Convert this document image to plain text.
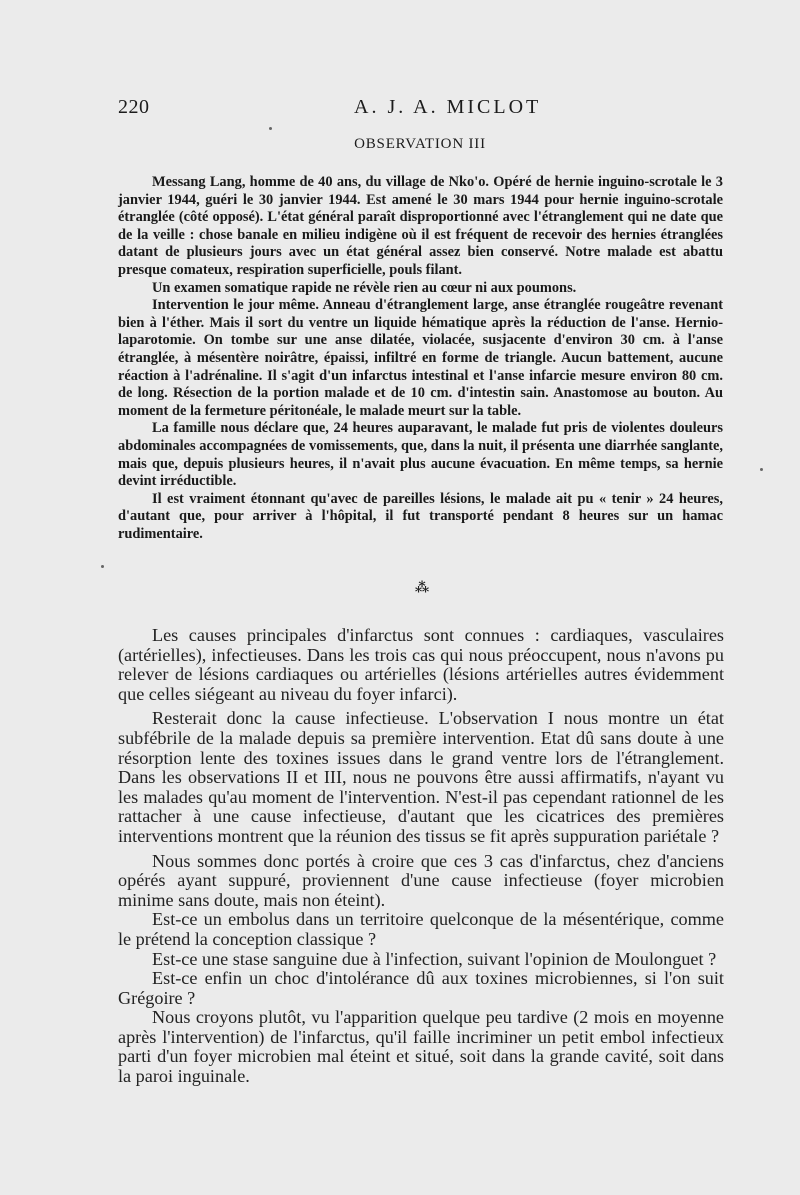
220	A. J. A. MICLOT
OBSERVATION III

Messang Lang, homme de 40 ans, du village de Nko'o. Opéré de hernie inguino-scrotale le 3 janvier 1944, guéri le 30 janvier 1944. Est amené le 30 mars 1944 pour hernie inguino-scrotale étranglée (côté opposé). L'état général paraît disproportionné avec l'étranglement qui ne date que de la veille : chose banale en milieu indigène où il est fréquent de recevoir des hernies étranglées datant de plusieurs jours avec un état général assez bien conservé. Notre malade est abattu presque comateux, respiration superficielle, pouls filant.

Un examen somatique rapide ne révèle rien au cœur ni aux poumons.

Intervention le jour même. Anneau d'étranglement large, anse étranglée rougeâtre revenant bien à l'éther. Mais il sort du ventre un liquide hématique après la réduction de l'anse. Hernio-laparotomie. On tombe sur une anse dilatée, violacée, susjacente d'environ 30 cm. à l'anse étranglée, à mésentère noirâtre, épaissi, infiltré en forme de triangle. Aucun battement, aucune réaction à l'adrénaline. Il s'agit d'un infarctus intestinal et l'anse infarcie mesure environ 80 cm. de long. Résection de la portion malade et de 10 cm. d'intestin sain. Anastomose au bouton. Au moment de la fermeture péritonéale, le malade meurt sur la table.

La famille nous déclare que, 24 heures auparavant, le malade fut pris de violentes douleurs abdominales accompagnées de vomissements, que, dans la nuit, il présenta une diarrhée sanglante, mais que, depuis plusieurs heures, il n'avait plus aucune évacuation. En même temps, sa hernie devint irréductible.

Il est vraiment étonnant qu'avec de pareilles lésions, le malade ait pu « tenir » 24 heures, d'autant que, pour arriver à l'hôpital, il fut transporté pendant 8 heures sur un hamac rudimentaire.

⁂

Les causes principales d'infarctus sont connues : cardiaques, vasculaires (artérielles), infectieuses. Dans les trois cas qui nous préoccupent, nous n'avons pu relever de lésions cardiaques ou artérielles (lésions artérielles autres évidemment que celles siégeant au niveau du foyer infarci).

Resterait donc la cause infectieuse. L'observation I nous montre un état subfébrile de la malade depuis sa première intervention. Etat dû sans doute à une résorption lente des toxines issues dans le grand ventre lors de l'étranglement. Dans les observations II et III, nous ne pouvons être aussi affirmatifs, n'ayant vu les malades qu'au moment de l'intervention. N'est-il pas cependant rationnel de les rattacher à une cause infectieuse, d'autant que les cicatrices des premières interventions montrent que la réunion des tissus se fit après suppuration pariétale ?

Nous sommes donc portés à croire que ces 3 cas d'infarctus, chez d'anciens opérés ayant suppuré, proviennent d'une cause infectieuse (foyer microbien minime sans doute, mais non éteint).

Est-ce un embolus dans un territoire quelconque de la mésentérique, comme le prétend la conception classique ?

Est-ce une stase sanguine due à l'infection, suivant l'opinion de Moulonguet ?

Est-ce enfin un choc d'intolérance dû aux toxines microbiennes, si l'on suit Grégoire ?

Nous croyons plutôt, vu l'apparition quelque peu tardive (2 mois en moyenne après l'intervention) de l'infarctus, qu'il faille incriminer un petit embol infectieux parti d'un foyer microbien mal éteint et situé, soit dans la grande cavité, soit dans la paroi inguinale.
